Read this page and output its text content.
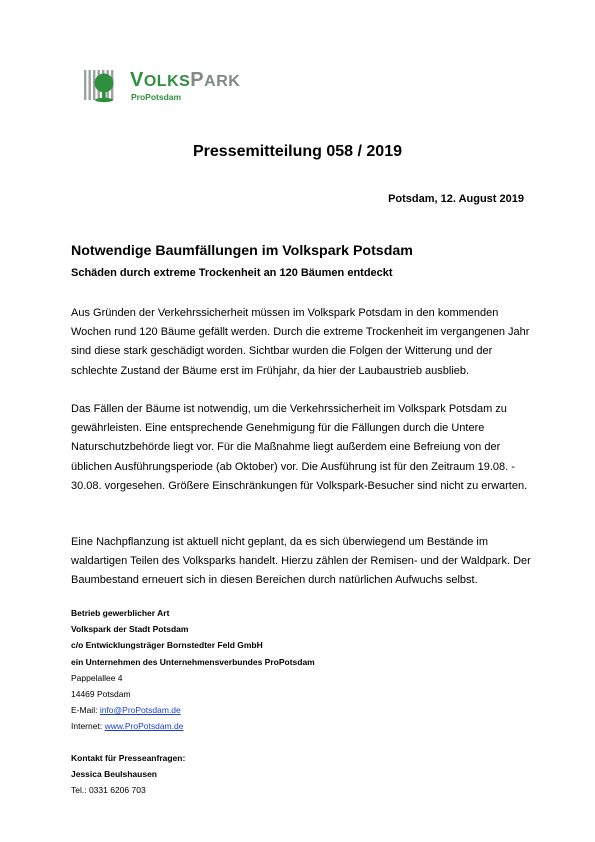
VOLKSPARK
ProPotsdam
Pressemitteilung 058 / 2019
Potsdam, 12. August 2019
Notwendige Baumfällungen im Volkspark Potsdam
Schäden durch extreme Trockenheit an 120 Bäumen entdeckt

Aus Gründen der Verkehrssicherheit müssen im Volkspark Potsdam in den kommenden Wochen rund 120 Bäume gefällt werden. Durch die extreme Trockenheit im vergangenen Jahr sind diese stark geschädigt worden. Sichtbar wurden die Folgen der Witterung und der schlechte Zustand der Bäume erst im Frühjahr, da hier der Laubaustrieb ausblieb.

Das Fällen der Bäume ist notwendig, um die Verkehrssicherheit im Volkspark Potsdam zu gewährleisten. Eine entsprechende Genehmigung für die Fällungen durch die Untere Naturschutzbehörde liegt vor. Für die Maßnahme liegt außerdem eine Befreiung von der üblichen Ausführungsperiode (ab Oktober) vor. Die Ausführung ist für den Zeitraum 19.08. - 30.08. vorgesehen. Größere Einschränkungen für Volkspark-Besucher sind nicht zu erwarten.

Eine Nachpflanzung ist aktuell nicht geplant, da es sich überwiegend um Bestände im waldartigen Teilen des Volksparks handelt. Hierzu zählen der Remisen- und der Waldpark. Der Baumbestand erneuert sich in diesen Bereichen durch natürlichen Aufwuchs selbst.

Betrieb gewerblicher Art
Volkspark der Stadt Potsdam
c/o Entwicklungsträger Bornstedter Feld GmbH
ein Unternehmen des Unternehmensverbundes ProPotsdam
Pappelallee 4
14469 Potsdam
E-Mail: info@ProPotsdam.de
Internet: www.ProPotsdam.de
Kontakt für Presseanfragen:
Jessica Beulshausen
Tel.: 0331 6206 703
